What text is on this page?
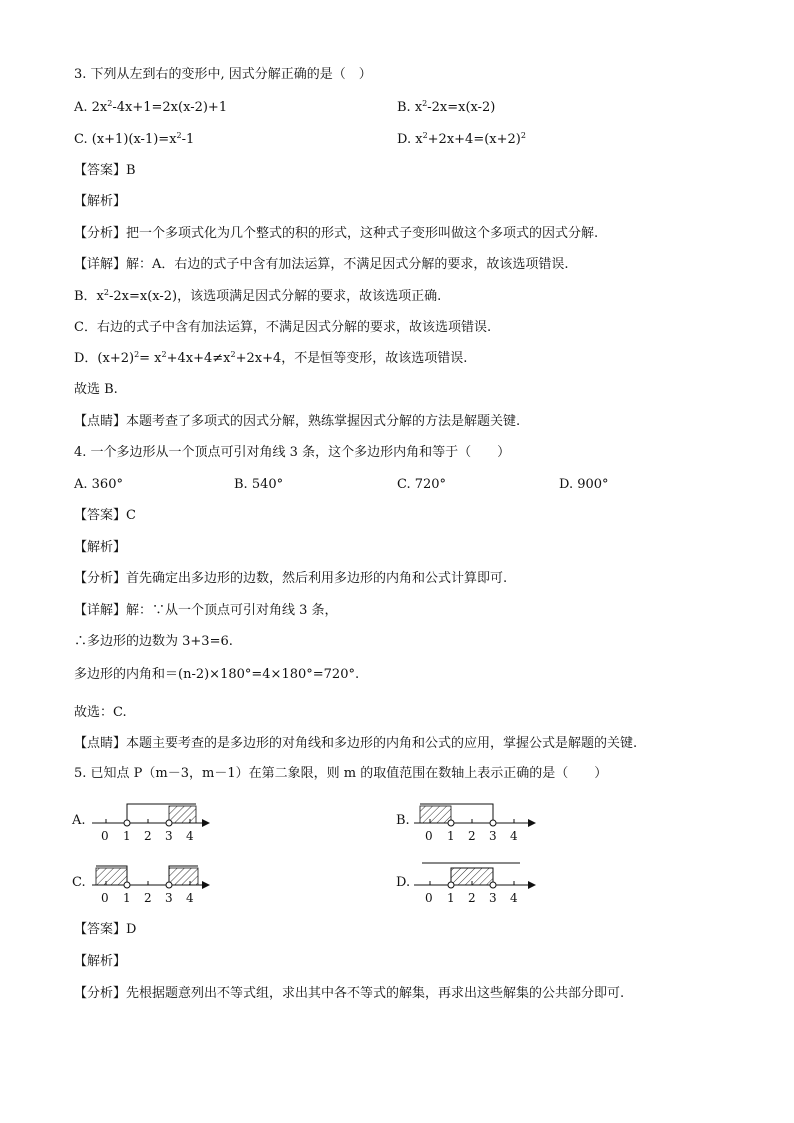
3. 下列从左到右的变形中, 因式分解正确的是（　）
A. $2x^2-4x+1=2x(x-2)+1$	B. $x^2-2x=x(x-2)$
C. $(x+1)(x-1)=x^2-1$	D. $x^2+2x+4=(x+2)^2$
【答案】B
【解析】
【分析】把一个多项式化为几个整式的积的形式，这种式子变形叫做这个多项式的因式分解.
【详解】解：A．右边的式子中含有加法运算，不满足因式分解的要求，故该选项错误.
B．$x^2-2x=x(x-2)$，该选项满足因式分解的要求，故该选项正确.
C．右边的式子中含有加法运算，不满足因式分解的要求，故该选项错误.
D．$(x+2)^2= x^2+4x+4\ne x^2+2x+4$，不是恒等变形，故该选项错误.
故选 B.
【点睛】本题考查了多项式的因式分解，熟练掌握因式分解的方法是解题关键.
4. 一个多边形从一个顶点可引对角线 3 条，这个多边形内角和等于（　　）
A. 360°	B. 540°	C. 720°	D. 900°
【答案】C
【解析】
【分析】首先确定出多边形的边数，然后利用多边形的内角和公式计算即可.
【详解】解：∵从一个顶点可引对角线 3 条，
∴多边形的边数为 3+3=6.
多边形的内角和＝(n-2)×180°=4×180°=720°.
故选：C.
【点睛】本题主要考查的是多边形的对角线和多边形的内角和公式的应用，掌握公式是解题的关键.
5. 已知点 P（m－3，m－1）在第二象限，则 m 的取值范围在数轴上表示正确的是（　　）
A.	B.
C.	D.
0 1 2 3 4	0 1 2 3 4
0 1 2 3 4	0 1 2 3 4
【答案】D
【解析】
【分析】先根据题意列出不等式组，求出其中各不等式的解集，再求出这些解集的公共部分即可.
